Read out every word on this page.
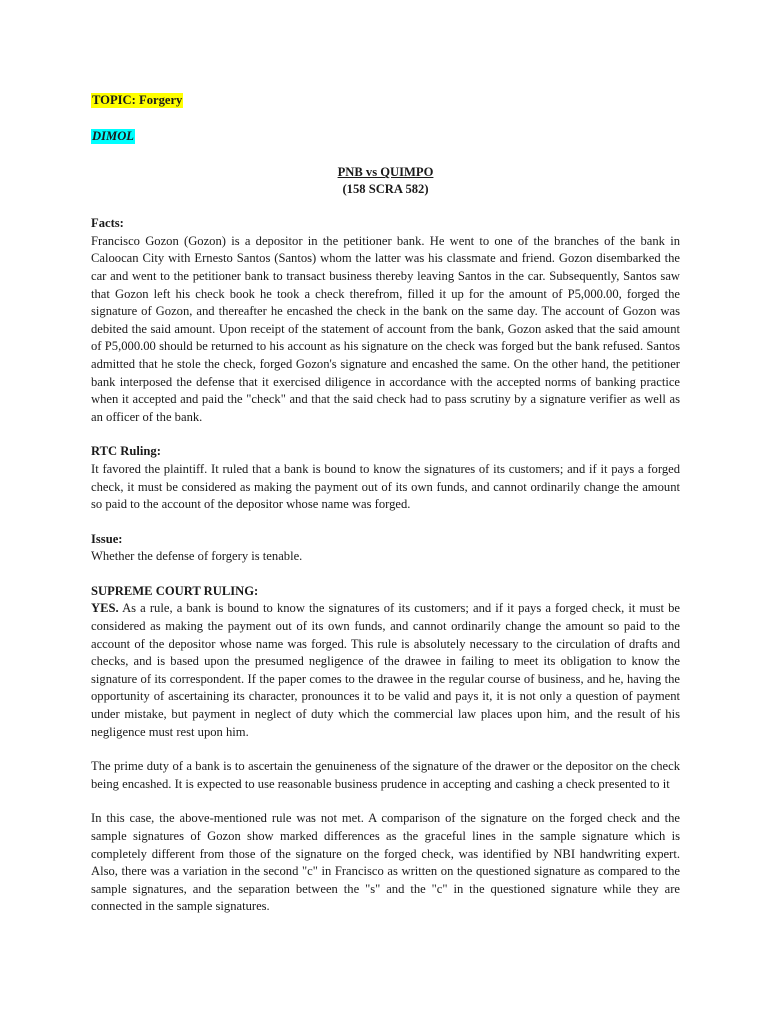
TOPIC: Forgery
DIMOL
PNB vs QUIMPO
(158 SCRA 582)
Facts:

Francisco Gozon (Gozon) is a depositor in the petitioner bank. He went to one of the branches of the bank in Caloocan City with Ernesto Santos (Santos) whom the latter was his classmate and friend. Gozon disembarked the car and went to the petitioner bank to transact business thereby leaving Santos in the car. Subsequently, Santos saw that Gozon left his check book he took a check therefrom, filled it up for the amount of P5,000.00, forged the signature of Gozon, and thereafter he encashed the check in the bank on the same day. The account of Gozon was debited the said amount. Upon receipt of the statement of account from the bank, Gozon asked that the said amount of P5,000.00 should be returned to his account as his signature on the check was forged but the bank refused. Santos admitted that he stole the check, forged Gozon's signature and encashed the same. On the other hand, the petitioner bank interposed the defense that it exercised diligence in accordance with the accepted norms of banking practice when it accepted and paid the "check" and that the said check had to pass scrutiny by a signature verifier as well as an officer of the bank.

RTC Ruling:

It favored the plaintiff. It ruled that a bank is bound to know the signatures of its customers; and if it pays a forged check, it must be considered as making the payment out of its own funds, and cannot ordinarily change the amount so paid to the account of the depositor whose name was forged.

Issue:

Whether the defense of forgery is tenable.

SUPREME COURT RULING:

YES. As a rule, a bank is bound to know the signatures of its customers; and if it pays a forged check, it must be considered as making the payment out of its own funds, and cannot ordinarily change the amount so paid to the account of the depositor whose name was forged. This rule is absolutely necessary to the circulation of drafts and checks, and is based upon the presumed negligence of the drawee in failing to meet its obligation to know the signature of its correspondent. If the paper comes to the drawee in the regular course of business, and he, having the opportunity of ascertaining its character, pronounces it to be valid and pays it, it is not only a question of payment under mistake, but payment in neglect of duty which the commercial law places upon him, and the result of his negligence must rest upon him.

The prime duty of a bank is to ascertain the genuineness of the signature of the drawer or the depositor on the check being encashed. It is expected to use reasonable business prudence in accepting and cashing a check presented to it

In this case, the above-mentioned rule was not met. A comparison of the signature on the forged check and the sample signatures of Gozon show marked differences as the graceful lines in the sample signature which is completely different from those of the signature on the forged check, was identified by NBI handwriting expert. Also, there was a variation in the second "c" in Francisco as written on the questioned signature as compared to the sample signatures, and the separation between the "s" and the "c" in the questioned signature while they are connected in the sample signatures.
